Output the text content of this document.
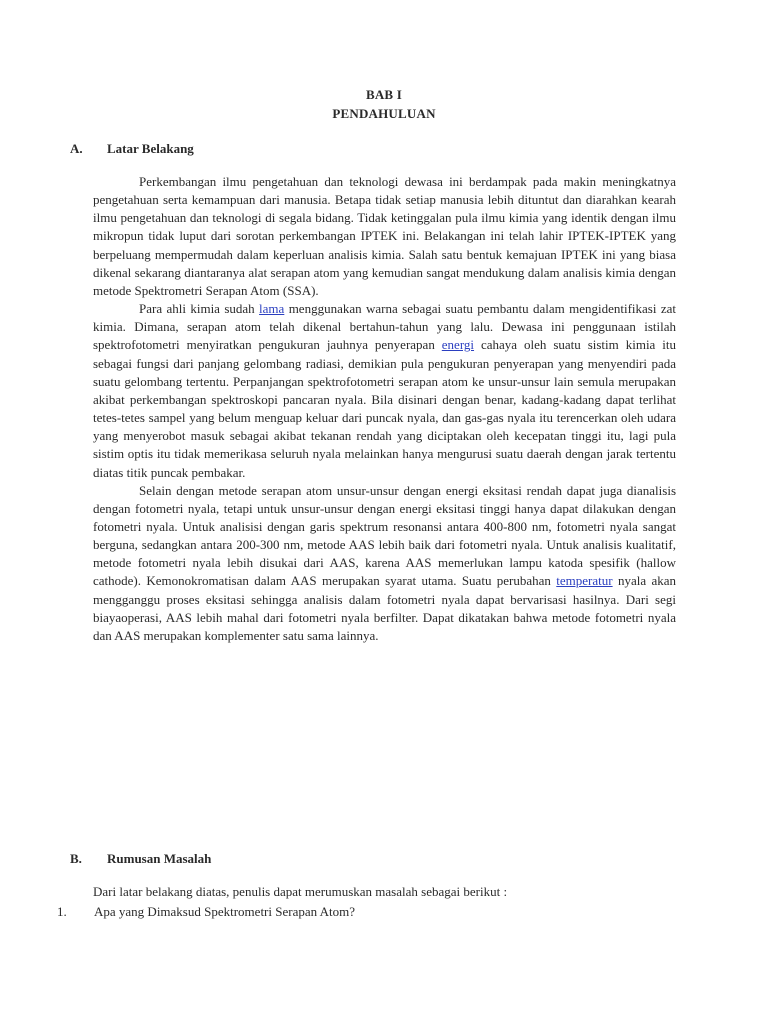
BAB I
PENDAHULUAN
A. Latar Belakang

Perkembangan ilmu pengetahuan dan teknologi dewasa ini berdampak pada makin meningkatnya pengetahuan serta kemampuan dari manusia. Betapa tidak setiap manusia lebih dituntut dan diarahkan kearah ilmu pengetahuan dan teknologi di segala bidang. Tidak ketinggalan pula ilmu kimia yang identik dengan ilmu mikropun tidak luput dari sorotan perkembangan IPTEK ini. Belakangan ini telah lahir IPTEK-IPTEK yang berpeluang mempermudah dalam keperluan analisis kimia. Salah satu bentuk kemajuan IPTEK ini yang biasa dikenal sekarang diantaranya alat serapan atom yang kemudian sangat mendukung dalam analisis kimia dengan metode Spektrometri Serapan Atom (SSA).

Para ahli kimia sudah lama menggunakan warna sebagai suatu pembantu dalam mengidentifikasi zat kimia. Dimana, serapan atom telah dikenal bertahun-tahun yang lalu. Dewasa ini penggunaan istilah spektrofotometri menyiratkan pengukuran jauhnya penyerapan energi cahaya oleh suatu sistim kimia itu sebagai fungsi dari panjang gelombang radiasi, demikian pula pengukuran penyerapan yang menyendiri pada suatu gelombang tertentu. Perpanjangan spektrofotometri serapan atom ke unsur-unsur lain semula merupakan akibat perkembangan spektroskopi pancaran nyala. Bila disinari dengan benar, kadang-kadang dapat terlihat tetes-tetes sampel yang belum menguap keluar dari puncak nyala, dan gas-gas nyala itu terencerkan oleh udara yang menyerobot masuk sebagai akibat tekanan rendah yang diciptakan oleh kecepatan tinggi itu, lagi pula sistim optis itu tidak memerikasa seluruh nyala melainkan hanya mengurusi suatu daerah dengan jarak tertentu diatas titik puncak pembakar.

Selain dengan metode serapan atom unsur-unsur dengan energi eksitasi rendah dapat juga dianalisis dengan fotometri nyala, tetapi untuk unsur-unsur dengan energi eksitasi tinggi hanya dapat dilakukan dengan fotometri nyala. Untuk analisisi dengan garis spektrum resonansi antara 400-800 nm, fotometri nyala sangat berguna, sedangkan antara 200-300 nm, metode AAS lebih baik dari fotometri nyala. Untuk analisis kualitatif, metode fotometri nyala lebih disukai dari AAS, karena AAS memerlukan lampu katoda spesifik (hallow cathode). Kemonokromatisan dalam AAS merupakan syarat utama. Suatu perubahan temperatur nyala akan mengganggu proses eksitasi sehingga analisis dalam fotometri nyala dapat bervarisasi hasilnya. Dari segi biayaoperasi, AAS lebih mahal dari fotometri nyala berfilter. Dapat dikatakan bahwa metode fotometri nyala dan AAS merupakan komplementer satu sama lainnya.

B. Rumusan Masalah
Dari latar belakang diatas, penulis dapat merumuskan masalah sebagai berikut :
1. Apa yang Dimaksud Spektrometri Serapan Atom?
